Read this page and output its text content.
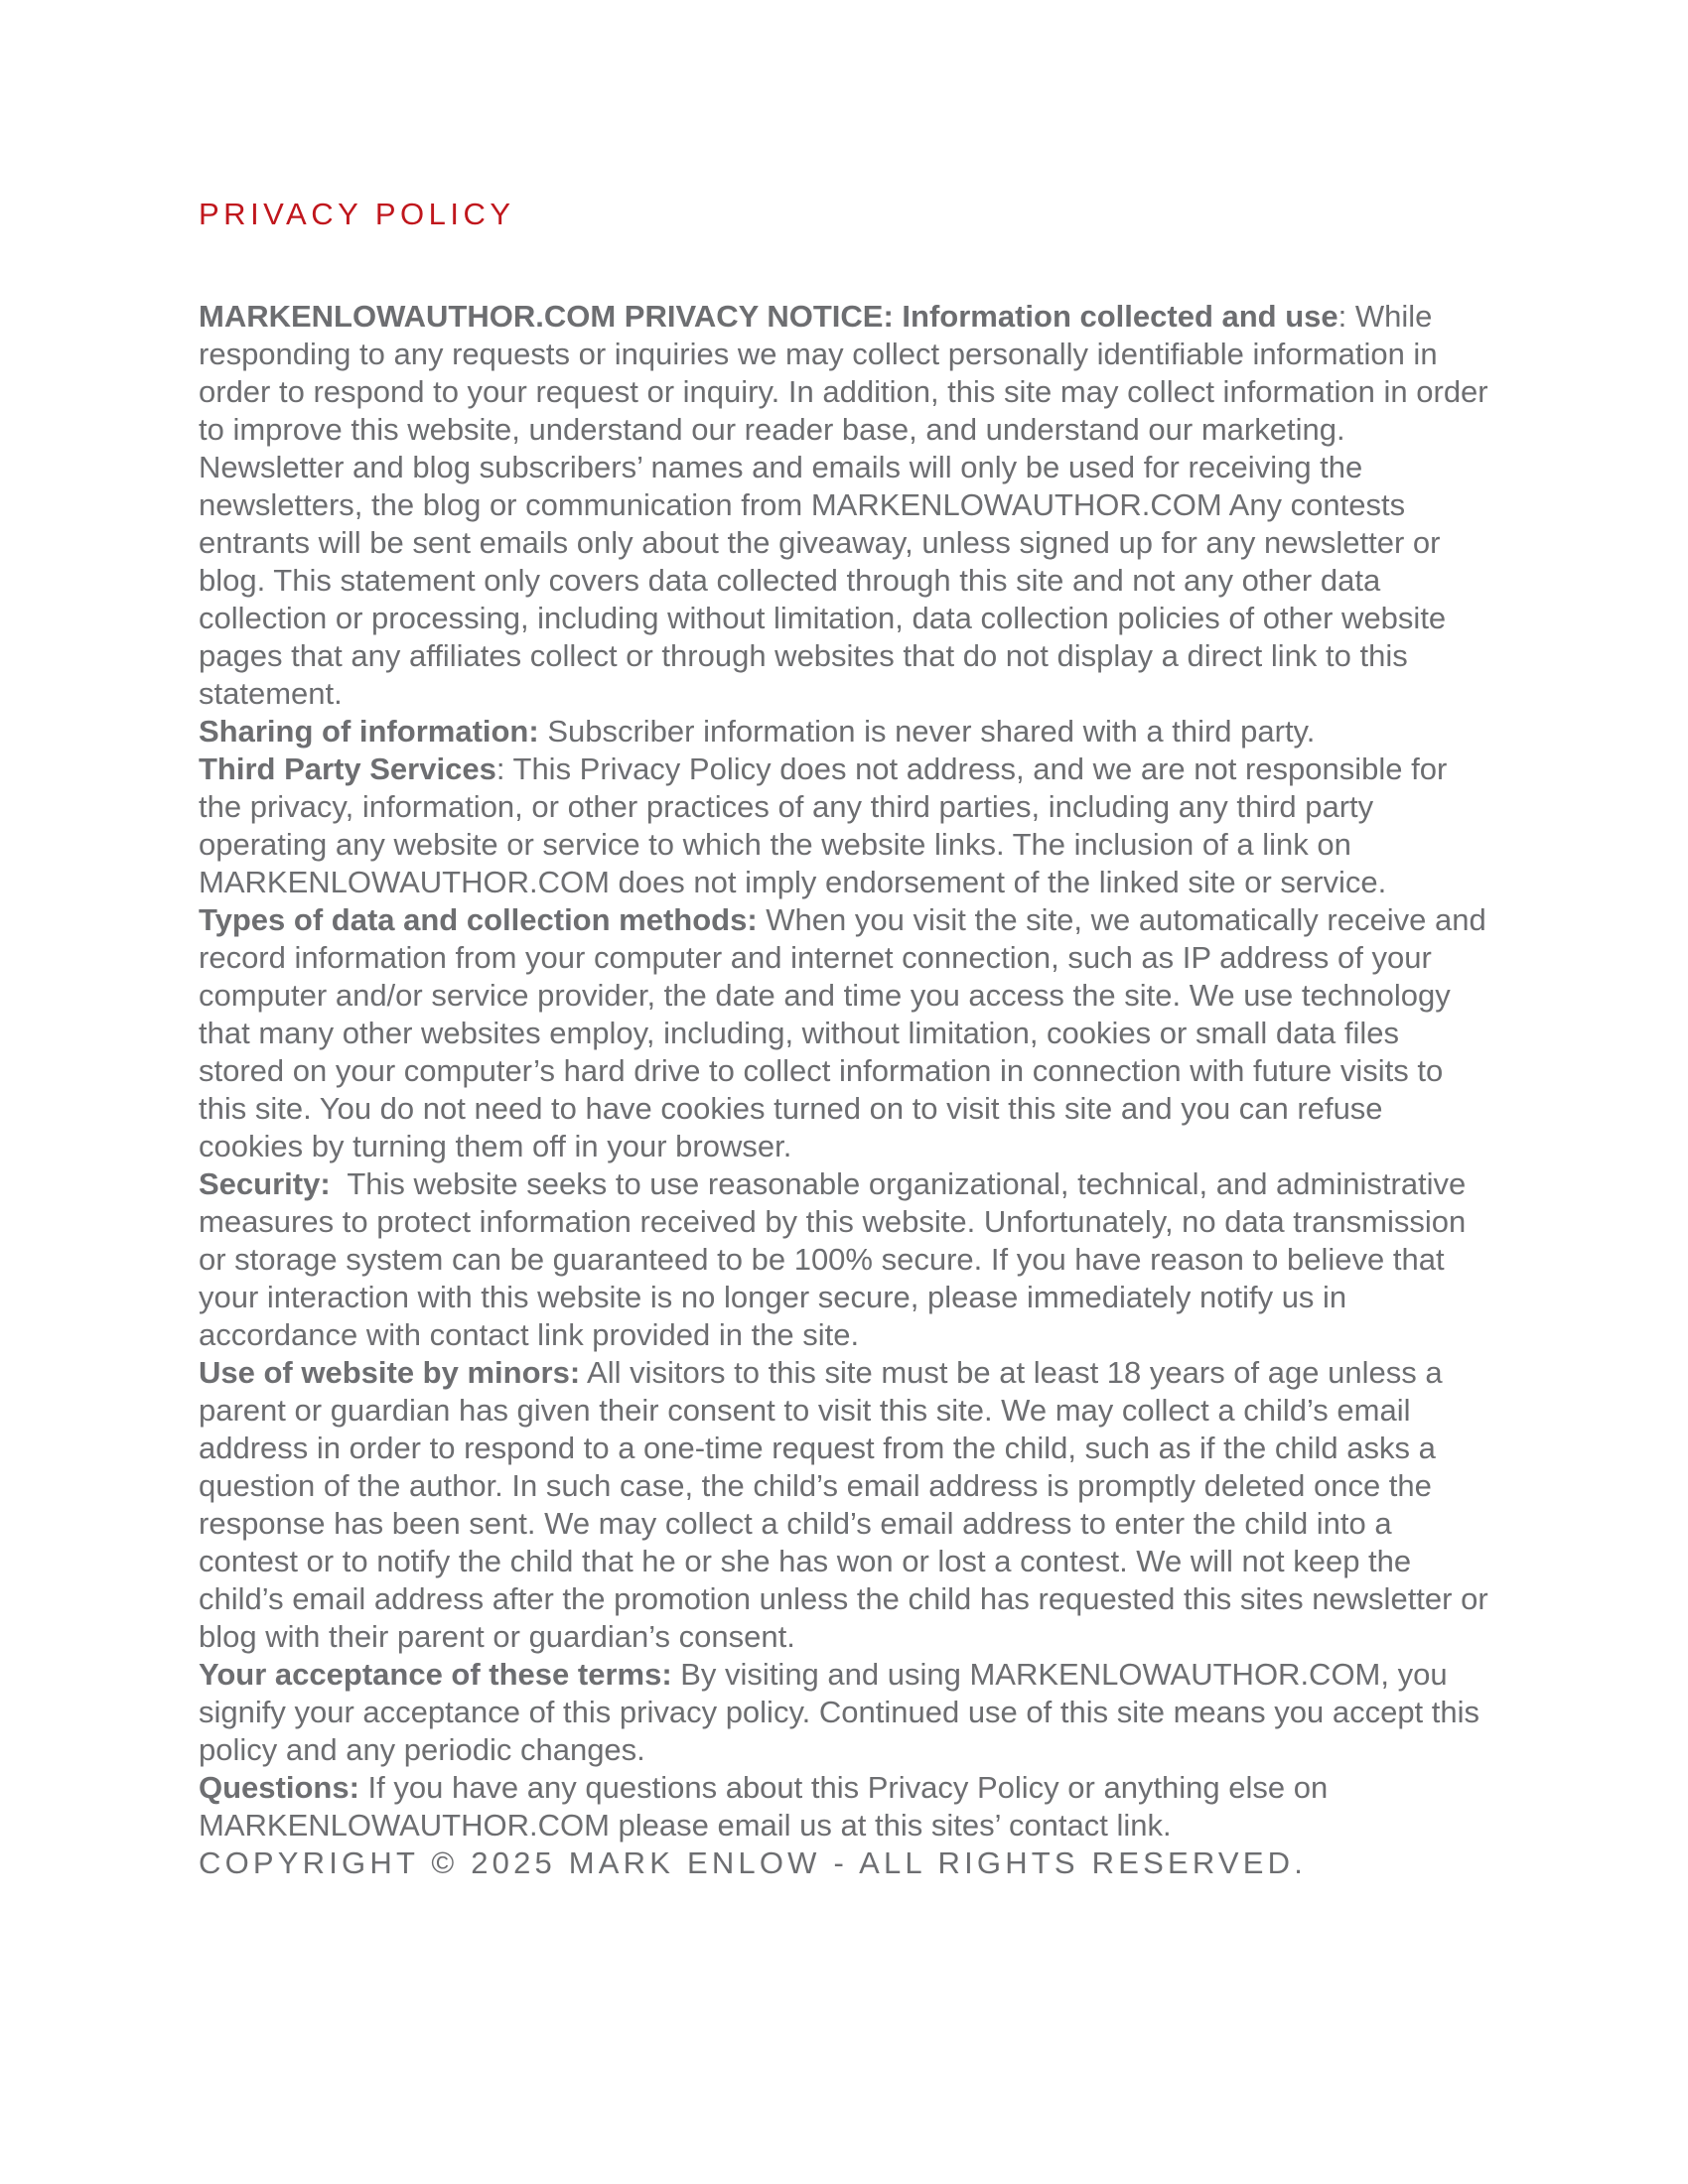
PRIVACY POLICY

MARKENLOWAUTHOR.COM PRIVACY NOTICE: Information collected and use: While responding to any requests or inquiries we may collect personally identifiable information in order to respond to your request or inquiry. In addition, this site may collect information in order to improve this website, understand our reader base, and understand our marketing. Newsletter and blog subscribers’ names and emails will only be used for receiving the newsletters, the blog or communication from MARKENLOWAUTHOR.COM Any contests entrants will be sent emails only about the giveaway, unless signed up for any newsletter or blog. This statement only covers data collected through this site and not any other data collection or processing, including without limitation, data collection policies of other website pages that any affiliates collect or through websites that do not display a direct link to this statement.

Sharing of information: Subscriber information is never shared with a third party.

Third Party Services: This Privacy Policy does not address, and we are not responsible for the privacy, information, or other practices of any third parties, including any third party operating any website or service to which the website links. The inclusion of a link on MARKENLOWAUTHOR.COM does not imply endorsement of the linked site or service.

Types of data and collection methods: When you visit the site, we automatically receive and record information from your computer and internet connection, such as IP address of your computer and/or service provider, the date and time you access the site. We use technology that many other websites employ, including, without limitation, cookies or small data files stored on your computer’s hard drive to collect information in connection with future visits to this site. You do not need to have cookies turned on to visit this site and you can refuse cookies by turning them off in your browser.

Security:  This website seeks to use reasonable organizational, technical, and administrative measures to protect information received by this website. Unfortunately, no data transmission or storage system can be guaranteed to be 100% secure. If you have reason to believe that your interaction with this website is no longer secure, please immediately notify us in accordance with contact link provided in the site.

Use of website by minors: All visitors to this site must be at least 18 years of age unless a parent or guardian has given their consent to visit this site. We may collect a child’s email address in order to respond to a one-time request from the child, such as if the child asks a question of the author. In such case, the child’s email address is promptly deleted once the response has been sent. We may collect a child’s email address to enter the child into a contest or to notify the child that he or she has won or lost a contest. We will not keep the child’s email address after the promotion unless the child has requested this sites newsletter or blog with their parent or guardian’s consent.

Your acceptance of these terms: By visiting and using MARKENLOWAUTHOR.COM, you signify your acceptance of this privacy policy. Continued use of this site means you accept this policy and any periodic changes.

Questions: If you have any questions about this Privacy Policy or anything else on MARKENLOWAUTHOR.COM please email us at this sites’ contact link.

COPYRIGHT © 2025 MARK ENLOW - ALL RIGHTS RESERVED.
